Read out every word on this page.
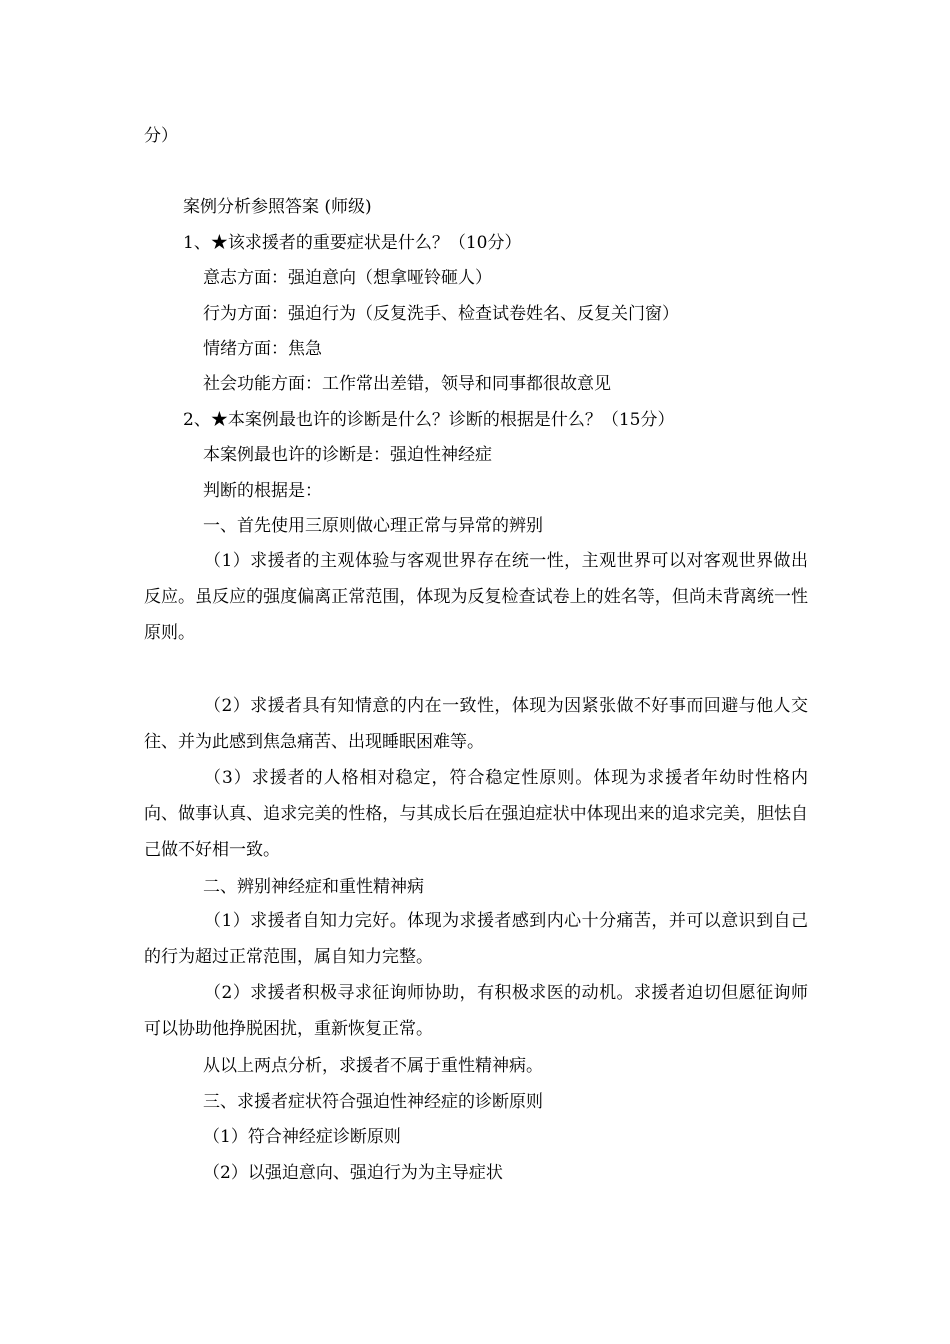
分）
案例分析参照答案 (师级)
1、★该求援者的重要症状是什么？（10分）
意志方面：强迫意向（想拿哑铃砸人）
行为方面：强迫行为（反复洗手、检查试卷姓名、反复关门窗）
情绪方面：焦急
社会功能方面：工作常出差错，领导和同事都很故意见
2、★本案例最也许的诊断是什么？诊断的根据是什么？（15分）
本案例最也许的诊断是：强迫性神经症
判断的根据是：
一、首先使用三原则做心理正常与异常的辨别
（1）求援者的主观体验与客观世界存在统一性，主观世界可以对客观世界做出反应。虽反应的强度偏离正常范围，体现为反复检查试卷上的姓名等，但尚未背离统一性原则。
（2）求援者具有知情意的内在一致性，体现为因紧张做不好事而回避与他人交往、并为此感到焦急痛苦、出现睡眠困难等。
（3）求援者的人格相对稳定，符合稳定性原则。体现为求援者年幼时性格内向、做事认真、追求完美的性格，与其成长后在强迫症状中体现出来的追求完美，胆怯自己做不好相一致。
二、辨别神经症和重性精神病
（1）求援者自知力完好。体现为求援者感到内心十分痛苦，并可以意识到自己的行为超过正常范围，属自知力完整。
（2）求援者积极寻求征询师协助，有积极求医的动机。求援者迫切但愿征询师可以协助他挣脱困扰，重新恢复正常。
从以上两点分析，求援者不属于重性精神病。
三、求援者症状符合强迫性神经症的诊断原则
（1）符合神经症诊断原则
（2）以强迫意向、强迫行为为主导症状
